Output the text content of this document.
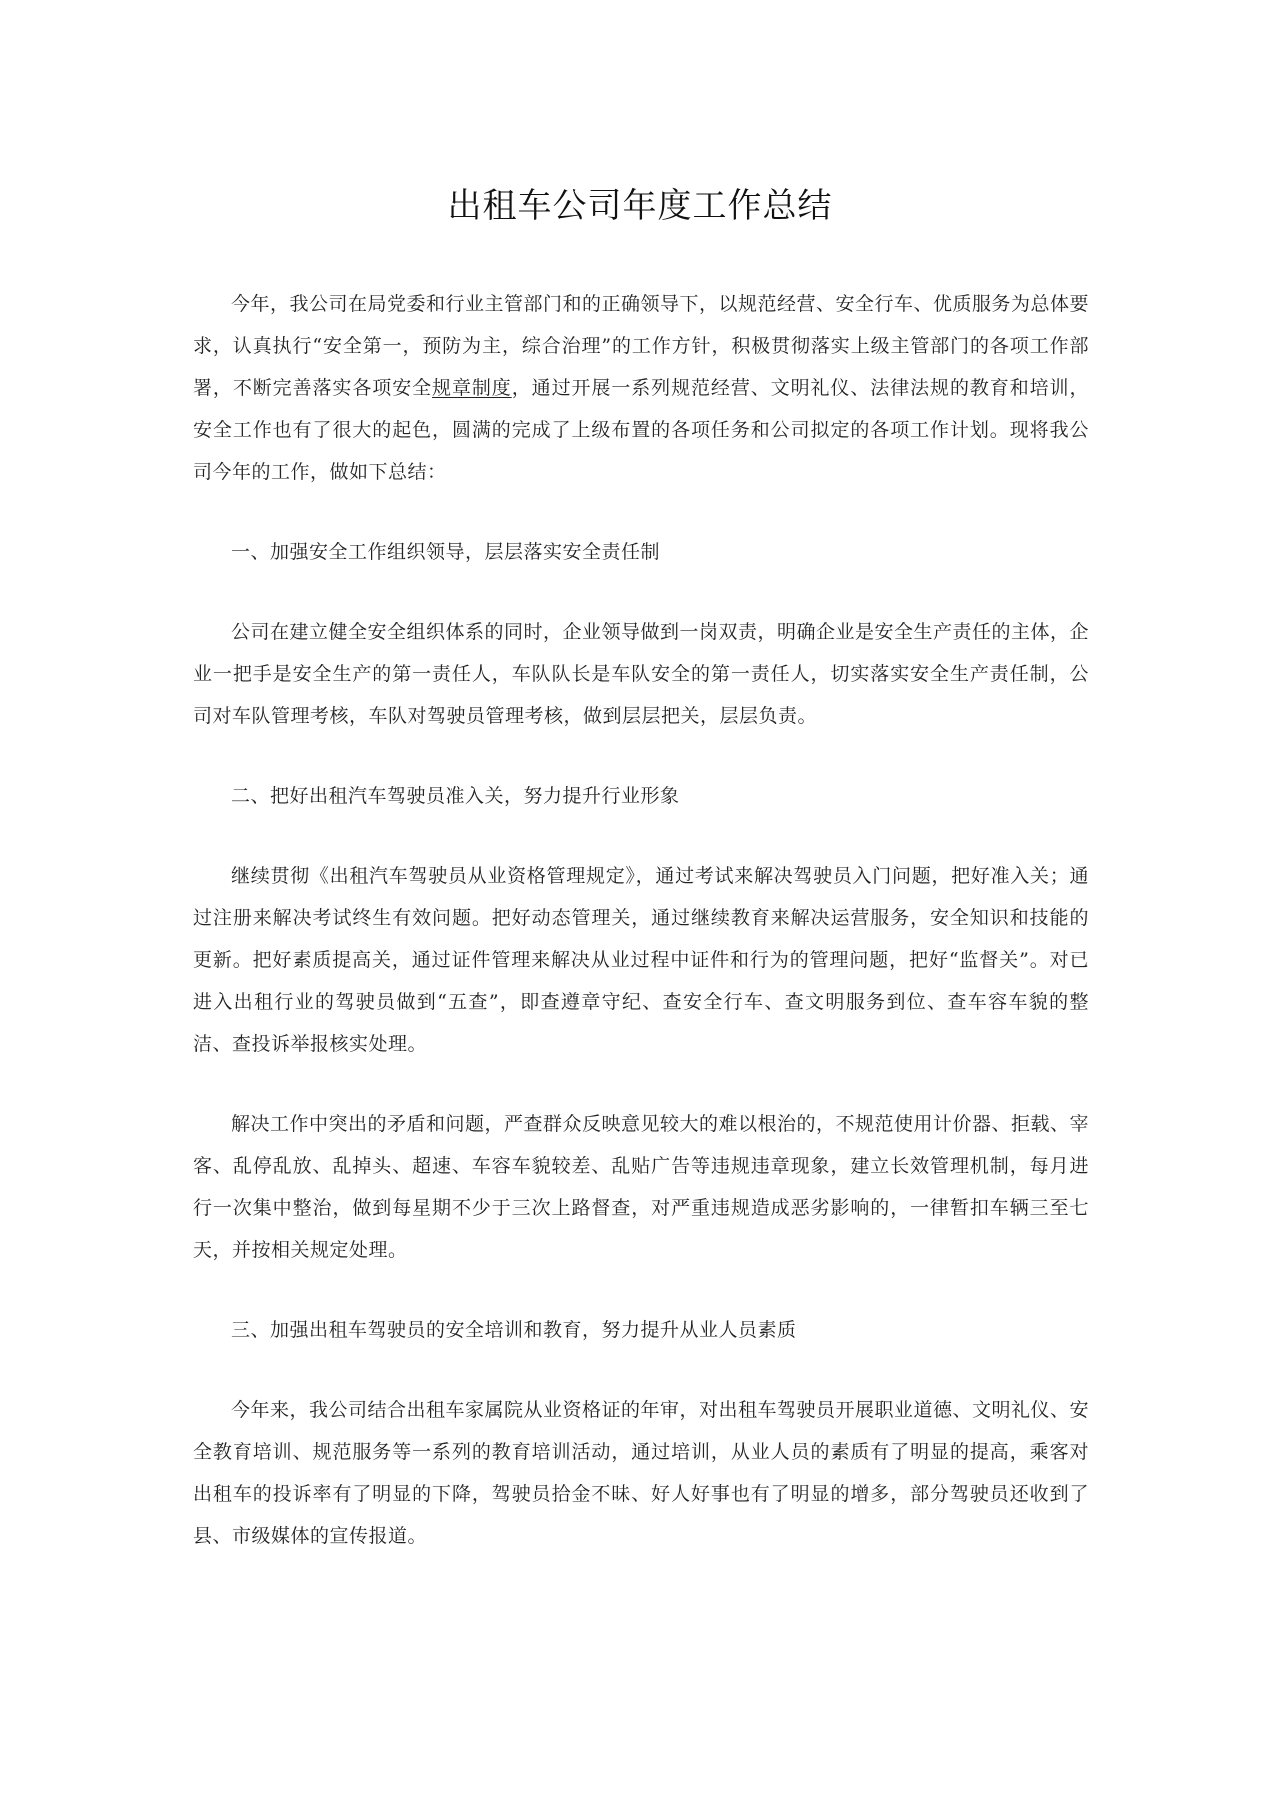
出租车公司年度工作总结

今年，我公司在局党委和行业主管部门和的正确领导下，以规范经营、安全行车、优质服务为总体要求，认真执行“安全第一，预防为主，综合治理”的工作方针，积极贯彻落实上级主管部门的各项工作部署，不断完善落实各项安全规章制度，通过开展一系列规范经营、文明礼仪、法律法规的教育和培训，安全工作也有了很大的起色，圆满的完成了上级布置的各项任务和公司拟定的各项工作计划。现将我公司今年的工作，做如下总结：

一、加强安全工作组织领导，层层落实安全责任制

公司在建立健全安全组织体系的同时，企业领导做到一岗双责，明确企业是安全生产责任的主体，企业一把手是安全生产的第一责任人，车队队长是车队安全的第一责任人，切实落实安全生产责任制，公司对车队管理考核，车队对驾驶员管理考核，做到层层把关，层层负责。

二、把好出租汽车驾驶员准入关，努力提升行业形象

继续贯彻《出租汽车驾驶员从业资格管理规定》，通过考试来解决驾驶员入门问题，把好准入关；通过注册来解决考试终生有效问题。把好动态管理关，通过继续教育来解决运营服务，安全知识和技能的更新。把好素质提高关，通过证件管理来解决从业过程中证件和行为的管理问题，把好“监督关”。对已进入出租行业的驾驶员做到“五查”，即查遵章守纪、查安全行车、查文明服务到位、查车容车貌的整洁、查投诉举报核实处理。

解决工作中突出的矛盾和问题，严查群众反映意见较大的难以根治的，不规范使用计价器、拒载、宰客、乱停乱放、乱掉头、超速、车容车貌较差、乱贴广告等违规违章现象，建立长效管理机制，每月进行一次集中整治，做到每星期不少于三次上路督查，对严重违规造成恶劣影响的，一律暂扣车辆三至七天，并按相关规定处理。

三、加强出租车驾驶员的安全培训和教育，努力提升从业人员素质

今年来，我公司结合出租车家属院从业资格证的年审，对出租车驾驶员开展职业道德、文明礼仪、安全教育培训、规范服务等一系列的教育培训活动，通过培训，从业人员的素质有了明显的提高，乘客对出租车的投诉率有了明显的下降，驾驶员拾金不昧、好人好事也有了明显的增多，部分驾驶员还收到了县、市级媒体的宣传报道。
